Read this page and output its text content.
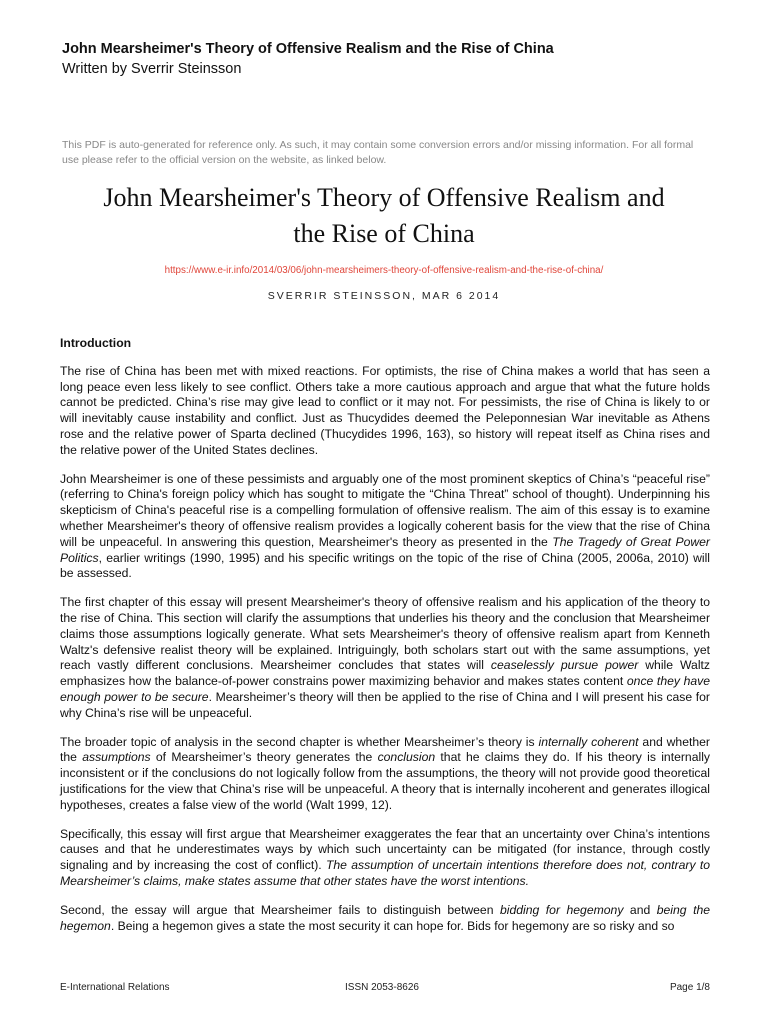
John Mearsheimer's Theory of Offensive Realism and the Rise of China
Written by Sverrir Steinsson
This PDF is auto-generated for reference only. As such, it may contain some conversion errors and/or missing information. For all formal use please refer to the official version on the website, as linked below.
John Mearsheimer's Theory of Offensive Realism and
the Rise of China
https://www.e-ir.info/2014/03/06/john-mearsheimers-theory-of-offensive-realism-and-the-rise-of-china/
SVERRIR STEINSSON, MAR 6 2014
Introduction

The rise of China has been met with mixed reactions. For optimists, the rise of China makes a world that has seen a long peace even less likely to see conflict. Others take a more cautious approach and argue that what the future holds cannot be predicted. China’s rise may give lead to conflict or it may not. For pessimists, the rise of China is likely to or will inevitably cause instability and conflict. Just as Thucydides deemed the Peleponnesian War inevitable as Athens rose and the relative power of Sparta declined (Thucydides 1996, 163), so history will repeat itself as China rises and the relative power of the United States declines.

John Mearsheimer is one of these pessimists and arguably one of the most prominent skeptics of China’s “peaceful rise” (referring to China's foreign policy which has sought to mitigate the “China Threat” school of thought). Underpinning his skepticism of China's peaceful rise is a compelling formulation of offensive realism. The aim of this essay is to examine whether Mearsheimer's theory of offensive realism provides a logically coherent basis for the view that the rise of China will be unpeaceful. In answering this question, Mearsheimer's theory as presented in the The Tragedy of Great Power Politics, earlier writings (1990, 1995) and his specific writings on the topic of the rise of China (2005, 2006a, 2010) will be assessed.

The first chapter of this essay will present Mearsheimer's theory of offensive realism and his application of the theory to the rise of China. This section will clarify the assumptions that underlies his theory and the conclusion that Mearsheimer claims those assumptions logically generate. What sets Mearsheimer's theory of offensive realism apart from Kenneth Waltz's defensive realist theory will be explained. Intriguingly, both scholars start out with the same assumptions, yet reach vastly different conclusions. Mearsheimer concludes that states will ceaselessly pursue power while Waltz emphasizes how the balance-of-power constrains power maximizing behavior and makes states content once they have enough power to be secure. Mearsheimer’s theory will then be applied to the rise of China and I will present his case for why China’s rise will be unpeaceful.

The broader topic of analysis in the second chapter is whether Mearsheimer’s theory is internally coherent and whether the assumptions of Mearsheimer’s theory generates the conclusion that he claims they do. If his theory is internally inconsistent or if the conclusions do not logically follow from the assumptions, the theory will not provide good theoretical justifications for the view that China’s rise will be unpeaceful. A theory that is internally incoherent and generates illogical hypotheses, creates a false view of the world (Walt 1999, 12).

Specifically, this essay will first argue that Mearsheimer exaggerates the fear that an uncertainty over China’s intentions causes and that he underestimates ways by which such uncertainty can be mitigated (for instance, through costly signaling and by increasing the cost of conflict). The assumption of uncertain intentions therefore does not, contrary to Mearsheimer’s claims, make states assume that other states have the worst intentions.

Second, the essay will argue that Mearsheimer fails to distinguish between bidding for hegemony and being the hegemon. Being a hegemon gives a state the most security it can hope for. Bids for hegemony are so risky and so

E-International Relations	ISSN 2053-8626	Page 1/8
